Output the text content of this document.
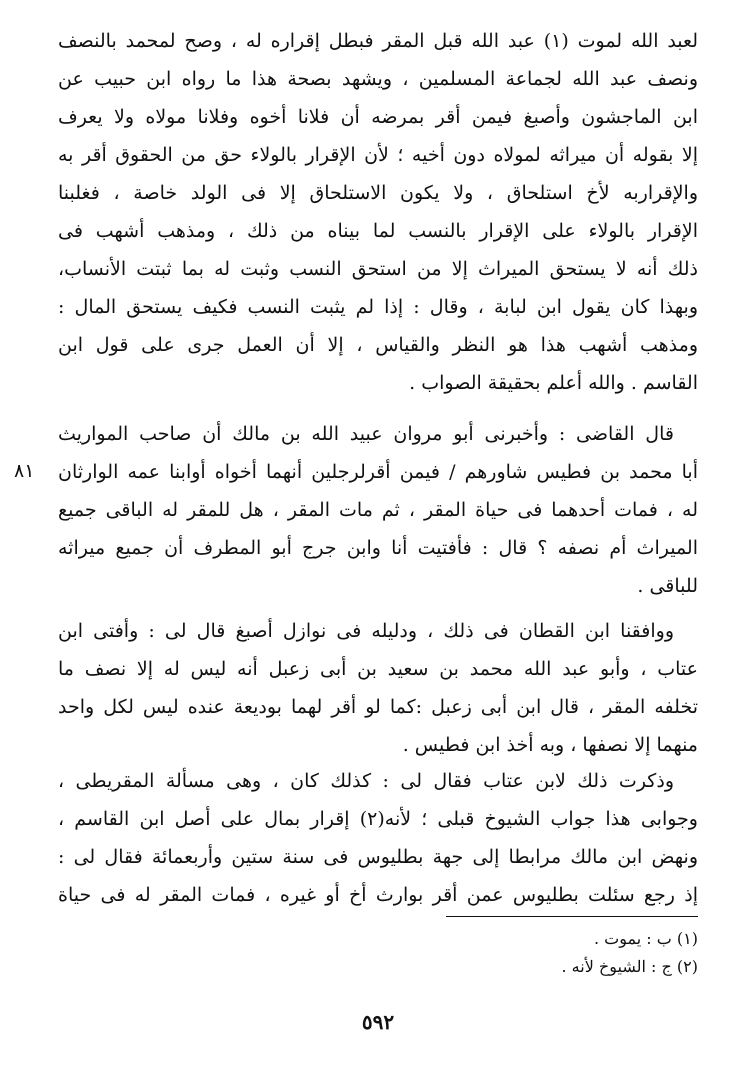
لعبد الله لموت (١) عبد الله قبل المقر فبطل إقراره له ، وصح لمحمد بالنصف
ونصف عبد الله لجماعة المسلمين ، ويشهد بصحة هذا ما رواه ابن حبيب عن
ابن الماجشون وأصبغ فيمن أقر بمرضه أن فلانا أخوه وفلانا مولاه ولا يعرف
إلا بقوله أن ميراثه لمولاه دون أخيه ؛ لأن الإقرار بالولاء حق من الحقوق أقر به
والإقراربه لأخ استلحاق ، ولا يكون الاستلحاق إلا فى الولد خاصة ، فغلبنا
الإقرار بالولاء على الإقرار بالنسب لما بيناه من ذلك ، ومذهب أشهب فى
ذلك أنه لا يستحق الميراث إلا من استحق النسب وثبت له بما ثبتت الأنساب،
وبهذا كان يقول ابن لبابة ، وقال : إذا لم يثبت النسب فكيف يستحق المال :
ومذهب أشهب هذا هو النظر والقياس ، إلا أن العمل جرى على قول ابن
القاسم . والله أعلم بحقيقة الصواب .
قال القاضى : وأخبرنى أبو مروان عبيد الله بن مالك أن صاحب المواريث
أبا محمد بن فطيس شاورهم / فيمن أقرلرجلين أنهما أخواه أوابنا عمه الوارثان
له ، فمات أحدهما فى حياة المقر ، ثم مات المقر ، هل للمقر له الباقى جميع
الميراث أم نصفه ؟ قال : فأفتيت أنا وابن جرج أبو المطرف أن جميع ميراثه
للباقى .
٨١
ووافقنا ابن القطان فى ذلك ، ودليله فى نوازل أصبغ قال لى : وأفتى ابن
عتاب ، وأبو عبد الله محمد بن سعيد بن أبى زعبل أنه ليس له إلا نصف ما
تخلفه المقر ، قال ابن أبى زعبل :كما لو أقر لهما بوديعة عنده ليس لكل واحد
منهما إلا نصفها ، وبه أخذ ابن فطيس .
وذكرت ذلك لابن عتاب فقال لى : كذلك كان ، وهى مسألة المقريطى ،
وجوابى هذا جواب الشيوخ قبلى ؛ لأنه(٢) إقرار بمال على أصل ابن القاسم ،
ونهض ابن مالك مرابطا إلى جهة بطليوس فى سنة ستين وأربعمائة فقال لى :
إذ رجع سئلت بطليوس عمن أقر بوارث أخ أو غيره ، فمات المقر له فى حياة
(١) ب : يموت .
(٢) ج : الشيوخ لأنه .
٥٩٢
